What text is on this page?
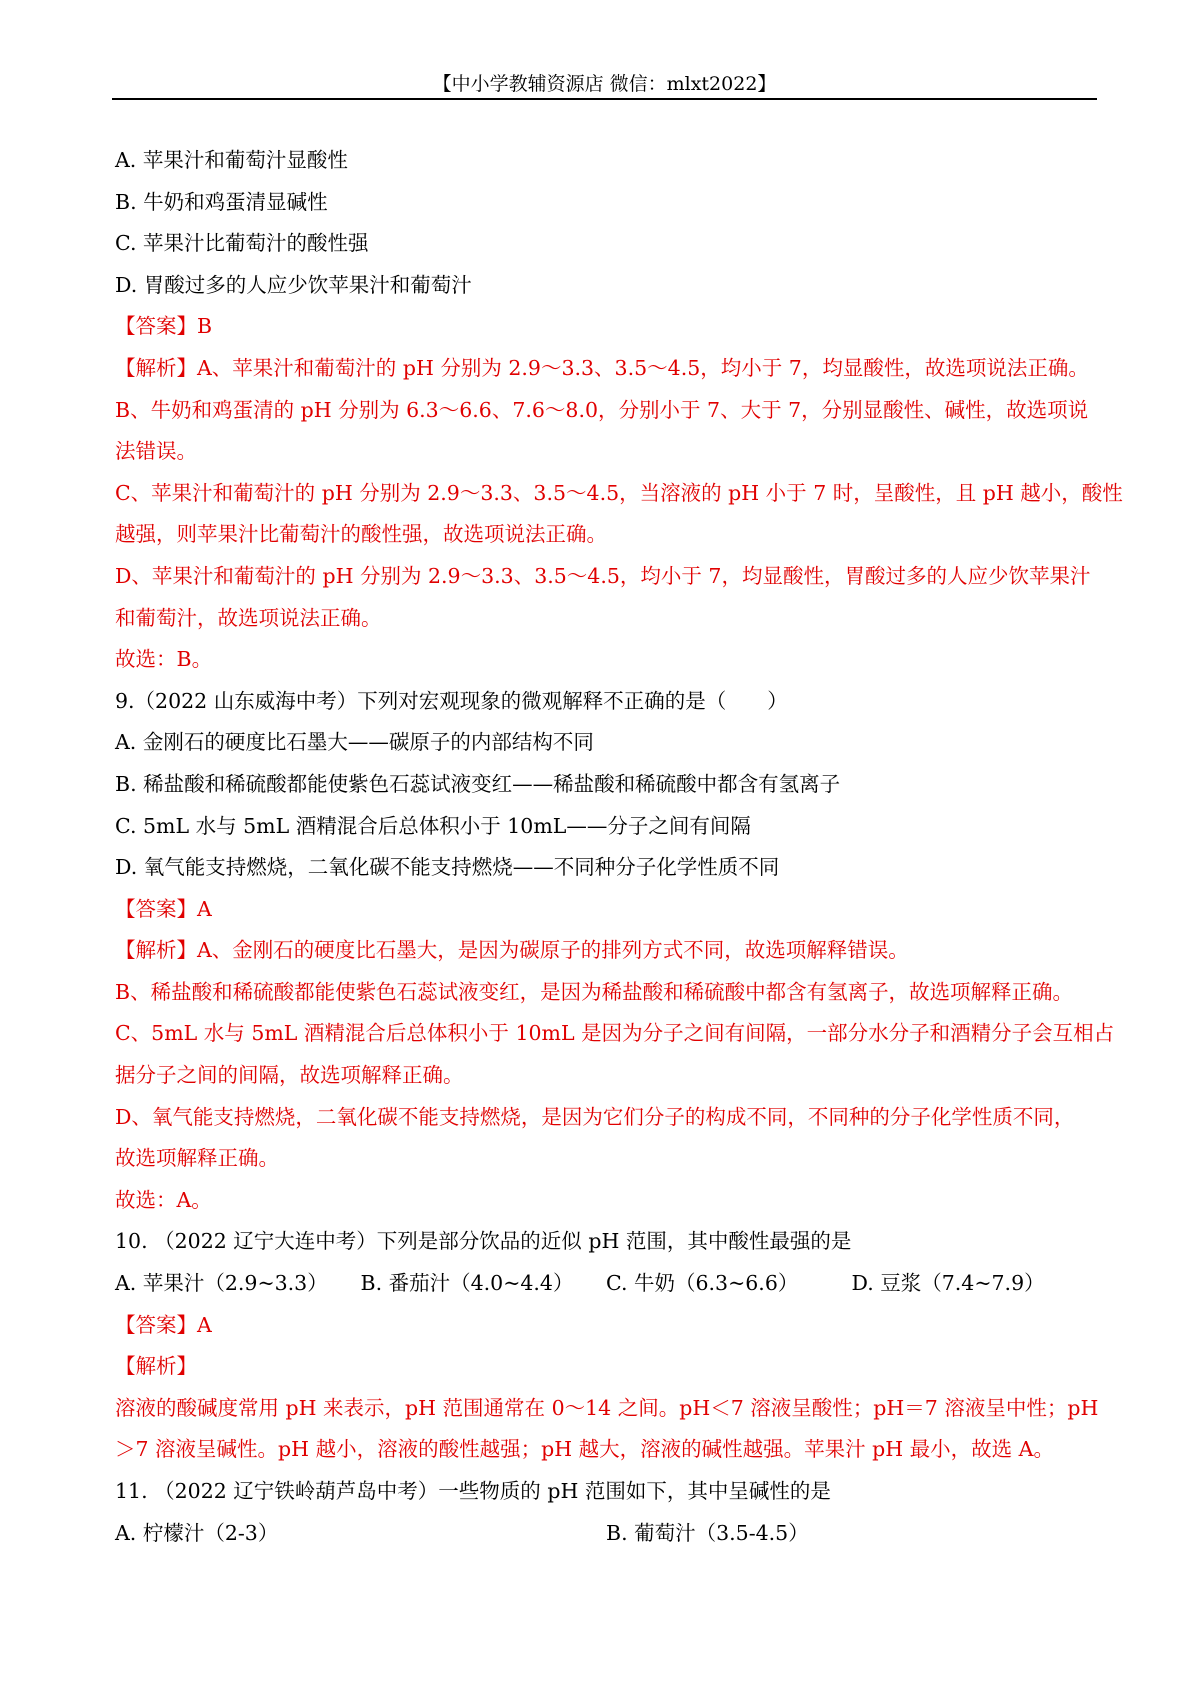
【中小学教辅资源店 微信：mlxt2022】
A. 苹果汁和葡萄汁显酸性
B. 牛奶和鸡蛋清显碱性
C. 苹果汁比葡萄汁的酸性强
D. 胃酸过多的人应少饮苹果汁和葡萄汁
【答案】B
【解析】A、苹果汁和葡萄汁的 pH 分别为 2.9～3.3、3.5～4.5，均小于 7，均显酸性，故选项说法正确。
B、牛奶和鸡蛋清的 pH 分别为 6.3～6.6、7.6～8.0，分别小于 7、大于 7，分别显酸性、碱性，故选项说
法错误。
C、苹果汁和葡萄汁的 pH 分别为 2.9～3.3、3.5～4.5，当溶液的 pH 小于 7 时，呈酸性，且 pH 越小，酸性
越强，则苹果汁比葡萄汁的酸性强，故选项说法正确。
D、苹果汁和葡萄汁的 pH 分别为 2.9～3.3、3.5～4.5，均小于 7，均显酸性，胃酸过多的人应少饮苹果汁
和葡萄汁，故选项说法正确。
故选：B。
9.（2022 山东威海中考）下列对宏观现象的微观解释不正确的是（　　）
A. 金刚石的硬度比石墨大——碳原子的内部结构不同
B. 稀盐酸和稀硫酸都能使紫色石蕊试液变红——稀盐酸和稀硫酸中都含有氢离子
C. 5mL 水与 5mL 酒精混合后总体积小于 10mL——分子之间有间隔
D. 氧气能支持燃烧，二氧化碳不能支持燃烧——不同种分子化学性质不同
【答案】A
【解析】A、金刚石的硬度比石墨大，是因为碳原子的排列方式不同，故选项解释错误。
B、稀盐酸和稀硫酸都能使紫色石蕊试液变红，是因为稀盐酸和稀硫酸中都含有氢离子，故选项解释正确。
C、5mL 水与 5mL 酒精混合后总体积小于 10mL 是因为分子之间有间隔，一部分水分子和酒精分子会互相占
据分子之间的间隔，故选项解释正确。
D、氧气能支持燃烧，二氧化碳不能支持燃烧，是因为它们分子的构成不同，不同种的分子化学性质不同，
故选项解释正确。
故选：A。
10. （2022 辽宁大连中考）下列是部分饮品的近似 pH 范围，其中酸性最强的是
A. 苹果汁（2.9~3.3）	B. 番茄汁（4.0~4.4）	C. 牛奶（6.3~6.6）	D. 豆浆（7.4~7.9）
【答案】A
【解析】
溶液的酸碱度常用 pH 来表示，pH 范围通常在 0～14 之间。pH＜7 溶液呈酸性；pH＝7 溶液呈中性；pH
＞7 溶液呈碱性。pH 越小，溶液的酸性越强；pH 越大，溶液的碱性越强。苹果汁 pH 最小，故选 A。
11. （2022 辽宁铁岭葫芦岛中考）一些物质的 pH 范围如下，其中呈碱性的是
A. 柠檬汁（2-3）	B. 葡萄汁（3.5-4.5）
